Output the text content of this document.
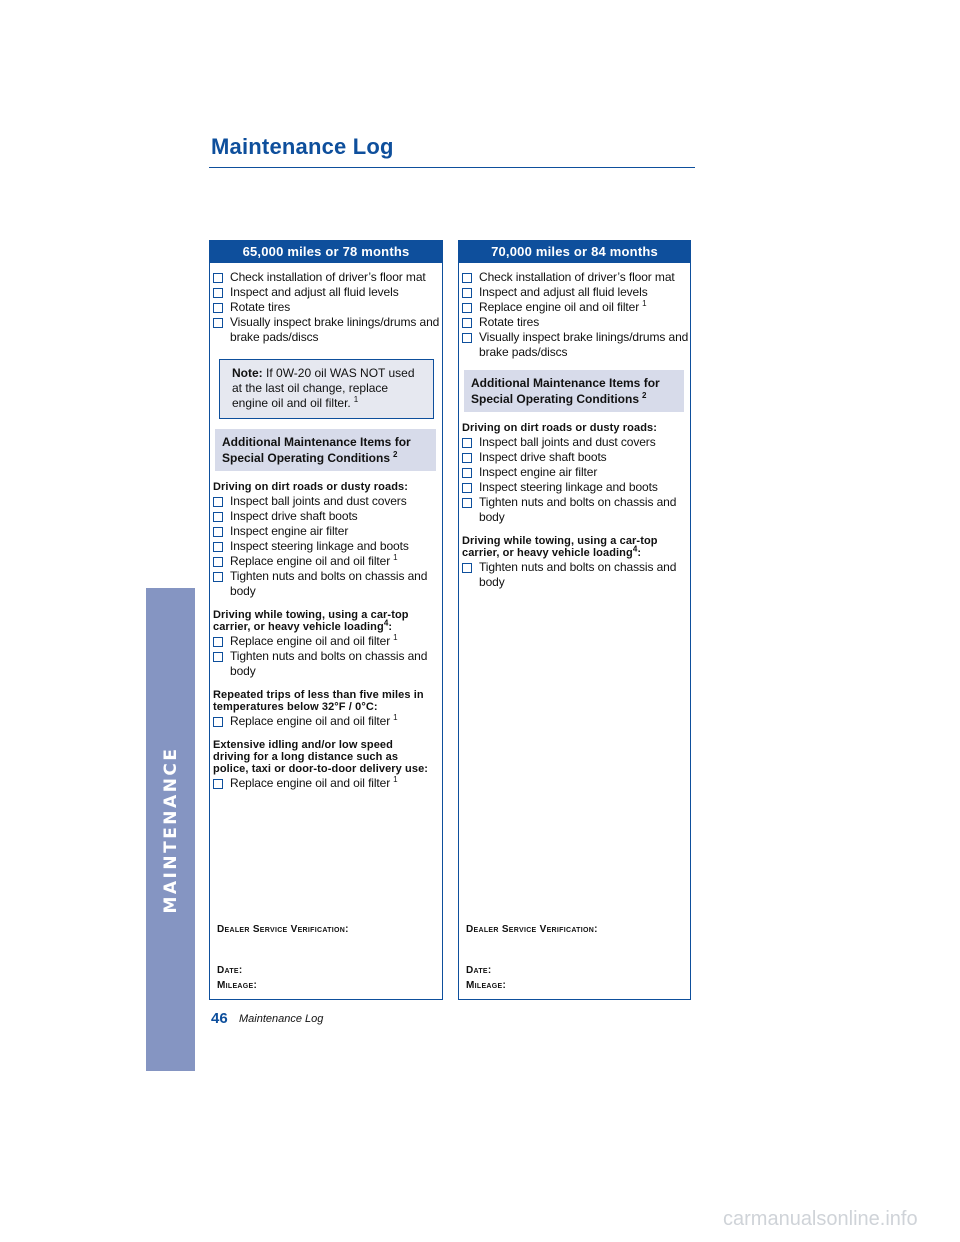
MAINTENANCE
Maintenance Log
65,000 miles or 78 months
Check installation of driver’s floor mat
Inspect and adjust all fluid levels
Rotate tires
Visually inspect brake linings/drums and brake pads/discs
Note: If 0W-20 oil WAS NOT used at the last oil change, replace engine oil and oil filter. $^1$
Additional Maintenance Items for Special Operating Conditions $^2$
Driving on dirt roads or dusty roads:
Inspect ball joints and dust covers
Inspect drive shaft boots
Inspect engine air filter
Inspect steering linkage and boots
Replace engine oil and oil filter $^1$
Tighten nuts and bolts on chassis and body
Driving while towing, using a car-top carrier, or heavy vehicle loading$^4$:
Replace engine oil and oil filter $^1$
Tighten nuts and bolts on chassis and body
Repeated trips of less than five miles in temperatures below 32°F / 0°C:
Replace engine oil and oil filter $^1$
Extensive idling and/or low speed driving for a long distance such as police, taxi or door-to-door delivery use:
Replace engine oil and oil filter $^1$
Dealer Service Verification:
Date:
Mileage:
70,000 miles or 84 months
Check installation of driver’s floor mat
Inspect and adjust all fluid levels
Replace engine oil and oil filter $^1$
Rotate tires
Visually inspect brake linings/drums and brake pads/discs
Additional Maintenance Items for Special Operating Conditions $^2$
Driving on dirt roads or dusty roads:
Inspect ball joints and dust covers
Inspect drive shaft boots
Inspect engine air filter
Inspect steering linkage and boots
Tighten nuts and bolts on chassis and body
Driving while towing, using a car-top carrier, or heavy vehicle loading$^4$:
Tighten nuts and bolts on chassis and body
Dealer Service Verification:
Date:
Mileage:
46 Maintenance Log
carmanualsonline.info
